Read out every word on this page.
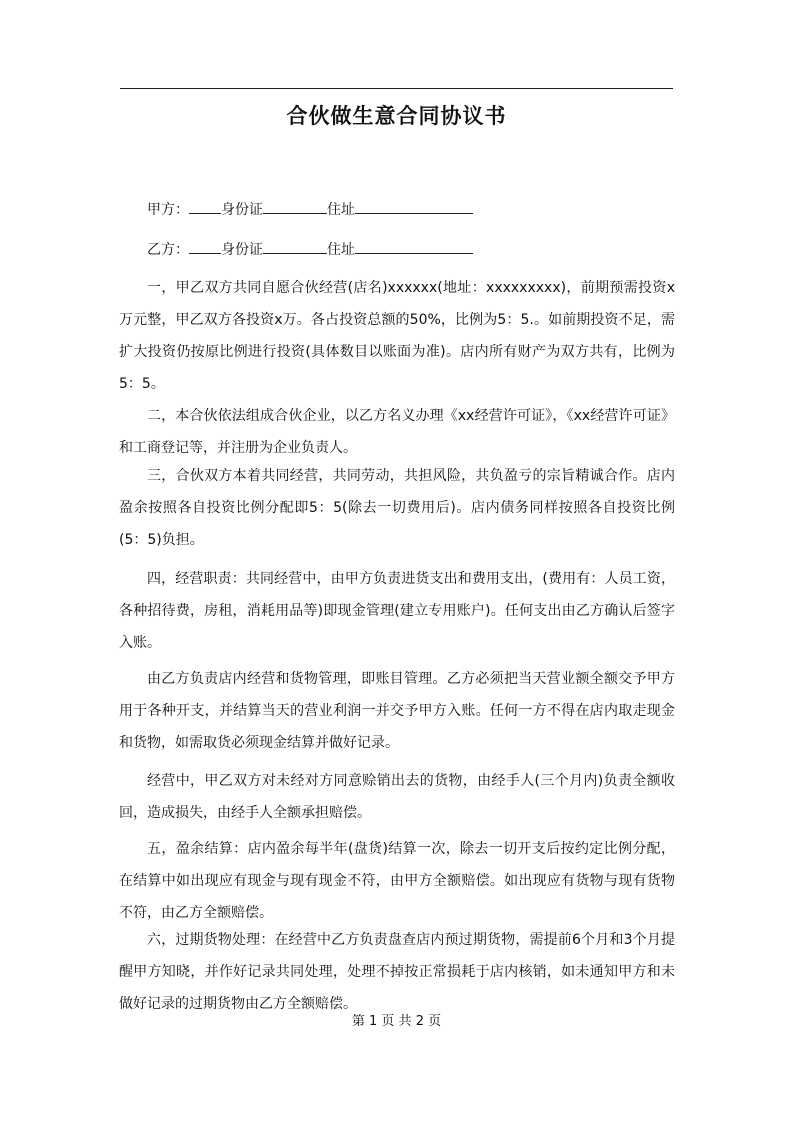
合伙做生意合同协议书
甲方： 身份证	住址
乙方： 身份证	住址

一，甲乙双方共同自愿合伙经营(店名)xxxxxx(地址：xxxxxxxxx)，前期预需投资x万元整，甲乙双方各投资x万。各占投资总额的50%，比例为5：5.。如前期投资不足，需扩大投资仍按原比例进行投资(具体数目以账面为准)。店内所有财产为双方共有，比例为5：5。

二，本合伙依法组成合伙企业，以乙方名义办理《xx经营许可证》，《xx经营许可证》和工商登记等，并注册为企业负责人。

三，合伙双方本着共同经营，共同劳动，共担风险，共负盈亏的宗旨精诚合作。店内盈余按照各自投资比例分配即5：5(除去一切费用后)。店内债务同样按照各自投资比例(5：5)负担。

四，经营职责：共同经营中，由甲方负责进货支出和费用支出，(费用有：人员工资，各种招待费，房租，消耗用品等)即现金管理(建立专用账户)。任何支出由乙方确认后签字入账。

由乙方负责店内经营和货物管理，即账目管理。乙方必须把当天营业额全额交予甲方用于各种开支，并结算当天的营业利润一并交予甲方入账。任何一方不得在店内取走现金和货物，如需取货必须现金结算并做好记录。

经营中，甲乙双方对未经对方同意赊销出去的货物，由经手人(三个月内)负责全额收回，造成损失，由经手人全额承担赔偿。

五，盈余结算：店内盈余每半年(盘货)结算一次，除去一切开支后按约定比例分配，在结算中如出现应有现金与现有现金不符，由甲方全额赔偿。如出现应有货物与现有货物不符，由乙方全额赔偿。

六，过期货物处理：在经营中乙方负责盘查店内预过期货物，需提前6个月和3个月提醒甲方知晓，并作好记录共同处理，处理不掉按正常损耗于店内核销，如未通知甲方和未做好记录的过期货物由乙方全额赔偿。

第 1 页 共 2 页
